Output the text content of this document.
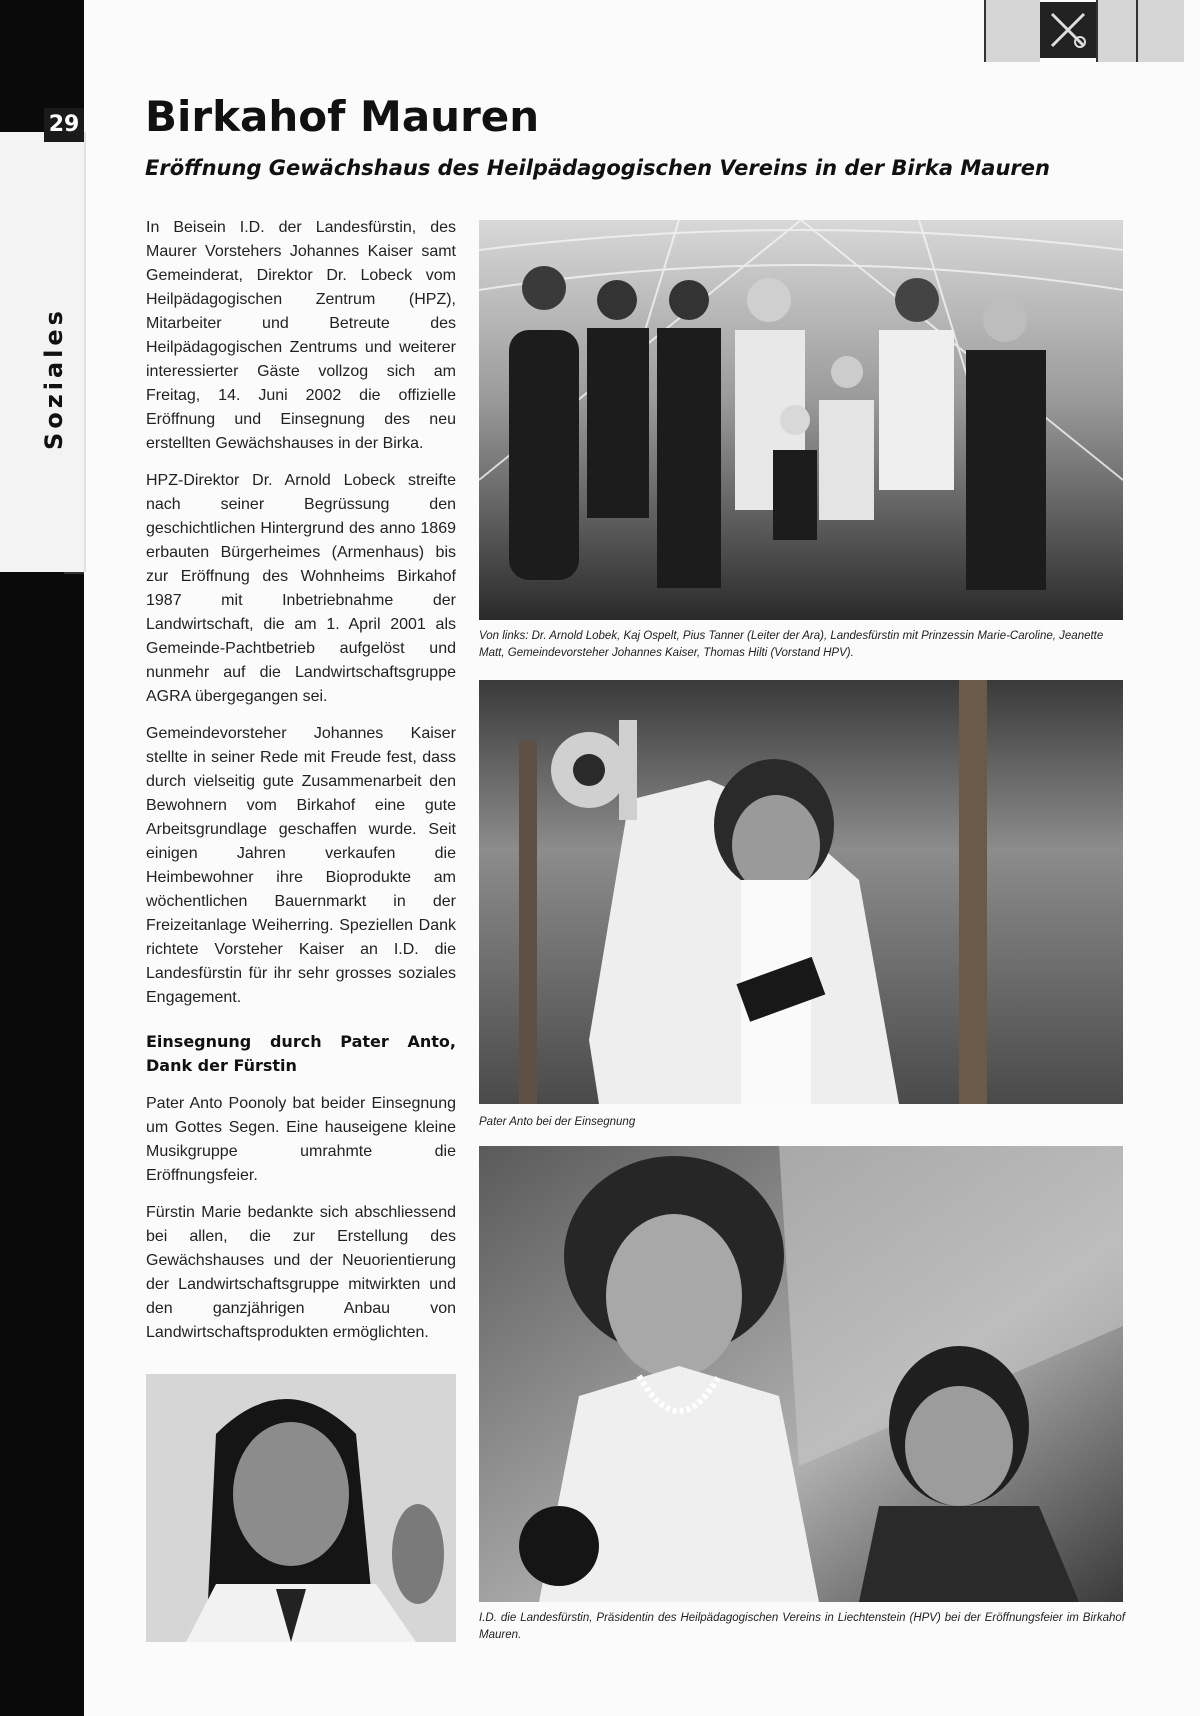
29
Soziales
Birkahof Mauren
Eröffnung Gewächshaus des Heilpädagogischen Vereins in der Birka Mauren

In Beisein I.D. der Landesfürstin, des Maurer Vorstehers Johannes Kaiser samt Gemeinderat, Direktor Dr. Lobeck vom Heilpädagogischen Zentrum (HPZ), Mitarbeiter und Betreute des Heilpädagogischen Zentrums und weiterer interessierter Gäste vollzog sich am Freitag, 14. Juni 2002 die offizielle Eröffnung und Einsegnung des neu erstellten Gewächshauses in der Birka.

HPZ-Direktor Dr. Arnold Lobeck streifte nach seiner Begrüssung den geschichtlichen Hintergrund des anno 1869 erbauten Bürgerheimes (Armenhaus) bis zur Eröffnung des Wohnheims Birkahof 1987 mit Inbetriebnahme der Landwirtschaft, die am 1. April 2001 als Gemeinde-Pachtbetrieb aufgelöst und nunmehr auf die Landwirtschaftsgruppe AGRA übergegangen sei.

Gemeindevorsteher Johannes Kaiser stellte in seiner Rede mit Freude fest, dass durch vielseitig gute Zusammenarbeit den Bewohnern vom Birkahof eine gute Arbeitsgrundlage geschaffen wurde. Seit einigen Jahren verkaufen die Heimbewohner ihre Bioprodukte am wöchentlichen Bauernmarkt in der Freizeitanlage Weiherring. Speziellen Dank richtete Vorsteher Kaiser an I.D. die Landesfürstin für ihr sehr grosses soziales Engagement.

Einsegnung durch Pater Anto, Dank der Fürstin

Pater Anto Poonoly bat beider Einsegnung um Gottes Segen. Eine hauseigene kleine Musikgruppe umrahmte die Eröffnungsfeier.

Fürstin Marie bedankte sich abschliessend bei allen, die zur Erstellung des Gewächshauses und der Neuorientierung der Landwirtschaftsgruppe mitwirkten und den ganzjährigen Anbau von Landwirtschaftsprodukten ermöglichten.

Von links: Dr. Arnold Lobek, Kaj Ospelt, Pius Tanner (Leiter der Ara), Landesfürstin mit Prinzessin Marie-Caroline, Jeanette Matt, Gemeindevorsteher Johannes Kaiser, Thomas Hilti (Vorstand HPV).
Pater Anto bei der Einsegnung
I.D. die Landesfürstin, Präsidentin des Heilpädagogischen Vereins in Liechtenstein (HPV) bei der Eröffnungsfeier im Birkahof Mauren.
